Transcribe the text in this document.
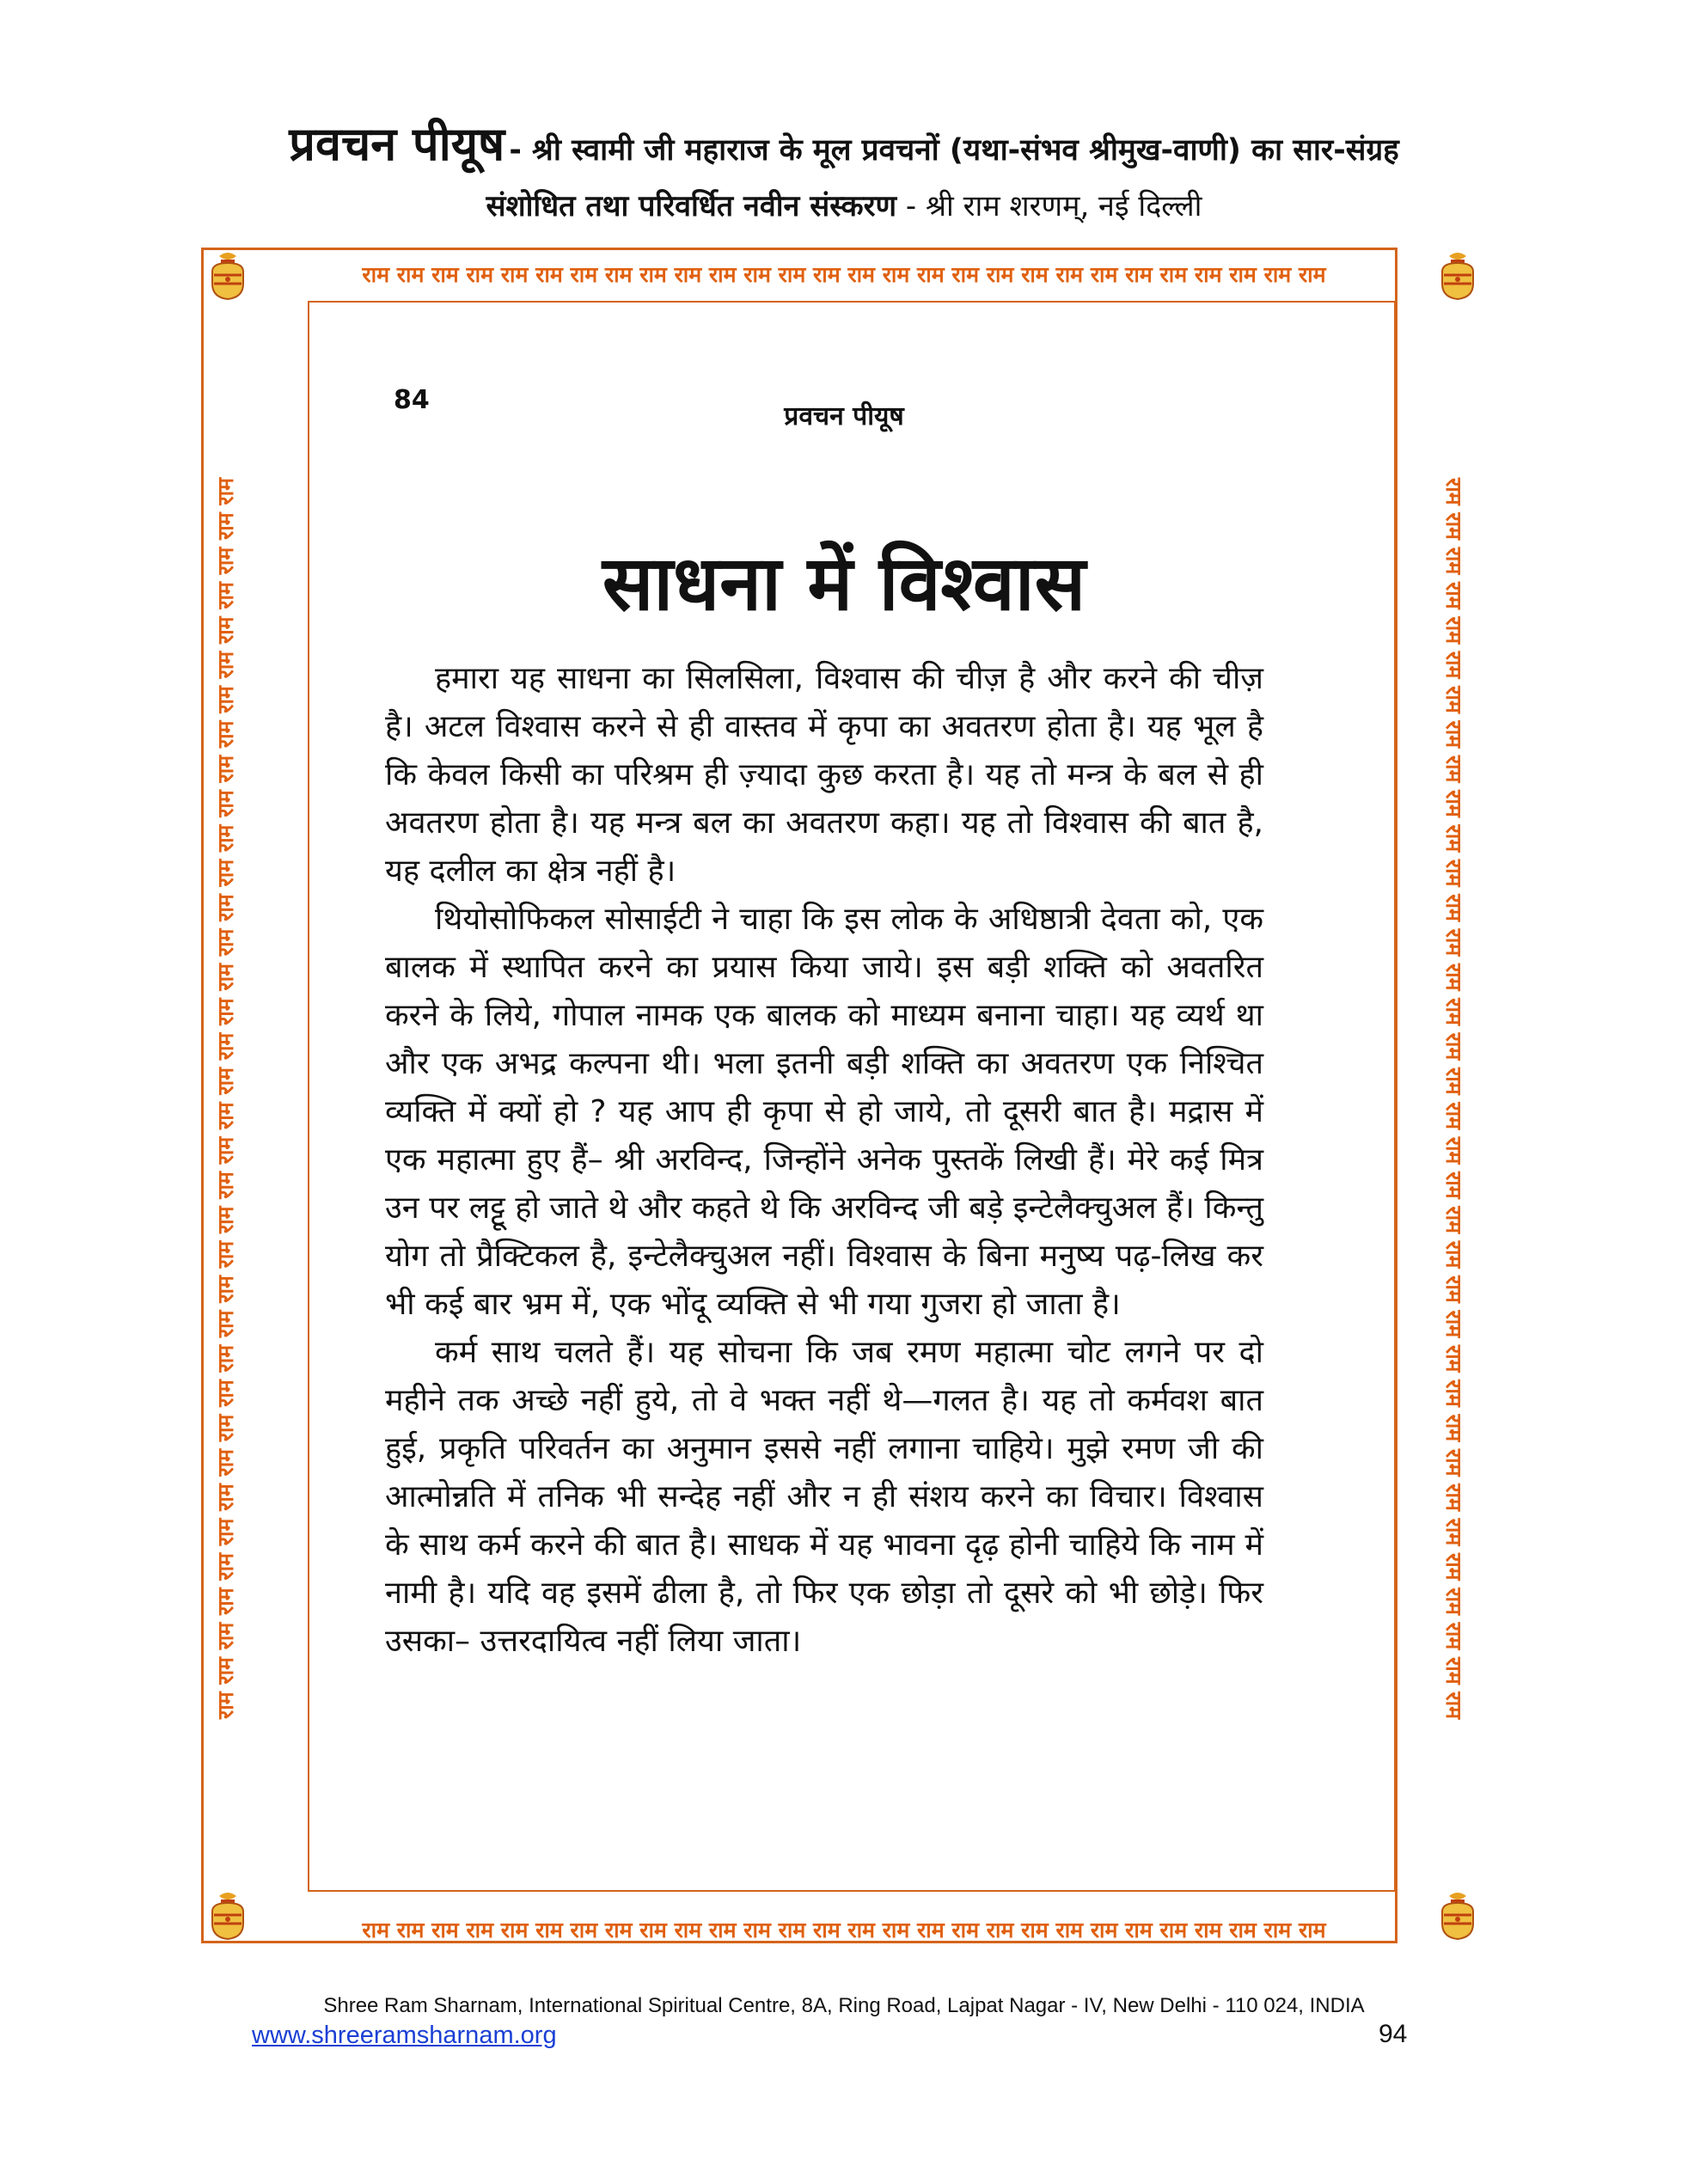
प्रवचन पीयूष - श्री स्वामी जी महाराज के मूल प्रवचनों (यथा-संभव श्रीमुख-वाणी) का सार-संग्रह
संशोधित तथा परिवर्धित नवीन संस्करण - श्री राम शरणम्, नई दिल्ली
राम राम राम राम राम राम राम राम राम राम राम राम राम राम राम राम राम राम राम राम राम राम राम राम राम राम राम राम
राम राम राम राम राम राम राम राम राम राम राम राम राम राम राम राम राम राम राम राम राम राम राम राम राम राम राम राम
राम राम राम राम राम राम राम राम राम राम राम राम राम राम राम राम राम राम राम राम राम राम राम राम राम राम राम राम राम राम राम राम राम राम राम राम	राम राम राम राम राम राम राम राम राम राम राम राम राम राम राम राम राम राम राम राम राम राम राम राम राम राम राम राम राम राम राम राम राम राम राम राम
84
प्रवचन पीयूष
साधना में विश्वास

हमारा यह साधना का सिलसिला, विश्वास की चीज़ है और करने की चीज़ है। अटल विश्वास करने से ही वास्तव में कृपा का अवतरण होता है। यह भूल है कि केवल किसी का परिश्रम ही ज़्यादा कुछ करता है। यह तो मन्त्र के बल से ही अवतरण होता है। यह मन्त्र बल का अवतरण कहा। यह तो विश्वास की बात है, यह दलील का क्षेत्र नहीं है।

थियोसोफिकल सोसाईटी ने चाहा कि इस लोक के अधिष्ठात्री देवता को, एक बालक में स्थापित करने का प्रयास किया जाये। इस बड़ी शक्ति को अवतरित करने के लिये, गोपाल नामक एक बालक को माध्यम बनाना चाहा। यह व्यर्थ था और एक अभद्र कल्पना थी। भला इतनी बड़ी शक्ति का अवतरण एक निश्चित व्यक्ति में क्यों हो ? यह आप ही कृपा से हो जाये, तो दूसरी बात है। मद्रास में एक महात्मा हुए हैं– श्री अरविन्द, जिन्होंने अनेक पुस्तकें लिखी हैं। मेरे कई मित्र उन पर लट्टू हो जाते थे और कहते थे कि अरविन्द जी बड़े इन्टेलैक्चुअल हैं। किन्तु योग तो प्रैक्टिकल है, इन्टेलैक्चुअल नहीं। विश्वास के बिना मनुष्य पढ़-लिख कर भी कई बार भ्रम में, एक भोंदू व्यक्ति से भी गया गुजरा हो जाता है।

कर्म साथ चलते हैं। यह सोचना कि जब रमण महात्मा चोट लगने पर दो महीने तक अच्छे नहीं हुये, तो वे भक्त नहीं थे—गलत है। यह तो कर्मवश बात हुई, प्रकृति परिवर्तन का अनुमान इससे नहीं लगाना चाहिये। मुझे रमण जी की आत्मोन्नति में तनिक भी सन्देह नहीं और न ही संशय करने का विचार। विश्वास के साथ कर्म करने की बात है। साधक में यह भावना दृढ़ होनी चाहिये कि नाम में नामी है। यदि वह इसमें ढीला है, तो फिर एक छोड़ा तो दूसरे को भी छोड़े। फिर उसका– उत्तरदायित्व नहीं लिया जाता।

Shree Ram Sharnam, International Spiritual Centre, 8A, Ring Road, Lajpat Nagar - IV, New Delhi - 110 024, INDIA
www.shreeramsharnam.org	94
